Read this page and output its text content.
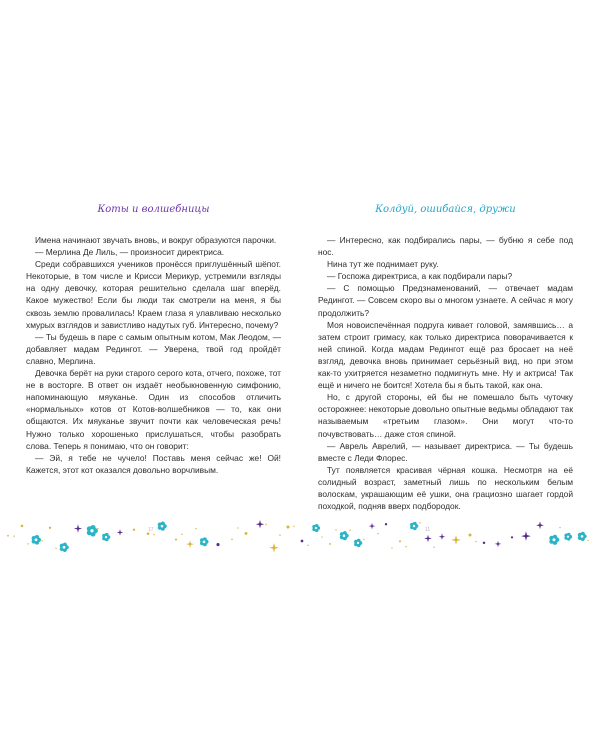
Коты и волшебницы

Имена начинают звучать вновь, и вокруг образуются парочки.

— Мерлина Де Лиль, — произносит директриса.

Среди собравшихся учеников пронёсся приглушённый шёпот. Некоторые, в том числе и Крисси Мерикур, устремили взгляды на одну девочку, которая решительно сделала шаг вперёд. Какое мужество! Если бы люди так смотрели на меня, я бы сквозь землю провалилась! Краем глаза я улавливаю несколько хмурых взглядов и завистливо надутых губ. Интересно, почему?

— Ты будешь в паре с самым опытным котом, Мак Леодом, — добавляет мадам Редингот. — Уверена, твой год пройдёт славно, Мерлина.

Девочка берёт на руки старого серого кота, отчего, похоже, тот не в восторге. В ответ он издаёт необыкновенную симфонию, напоминающую мяуканье. Один из способов отличить «нормальных» котов от Котов-волшебников — то, как они общаются. Их мяуканье звучит почти как человеческая речь! Нужно только хорошенько прислушаться, чтобы разобрать слова. Теперь я понимаю, что он говорит:

— Эй, я тебе не чучело! Поставь меня сейчас же! Ой! Кажется, этот кот оказался довольно ворчливым.

Колдуй, ошибайся, дружи

— Интересно, как подбирались пары, — бубню я себе под нос.

Нина тут же поднимает руку.

— Госпожа директриса, а как подбирали пары?

— С помощью Предзнаменований, — отвечает мадам Редингот. — Совсем скоро вы о многом узнаете. А сейчас я могу продолжить?

Моя новоиспечённая подруга кивает головой, замявшись… а затем строит гримасу, как только директриса поворачивается к ней спиной. Когда мадам Редингот ещё раз бросает на неё взгляд, девочка вновь принимает серьёзный вид, но при этом как-то ухитряется незаметно подмигнуть мне. Ну и актриса! Так ещё и ничего не боится! Хотела бы я быть такой, как она.

Но, с другой стороны, ей бы не помешало быть чуточку осторожнее: некоторые довольно опытные ведьмы обладают так называемым «третьим глазом». Они могут что-то почувствовать… даже стоя спиной.

— Аврель Аврелий, — называет директриса. — Ты будешь вместе с Леди Флорес.

Тут появляется красивая чёрная кошка. Несмотря на её солидный возраст, заметный лишь по нескольким белым волоскам, украшающим её ушки, она грациозно шагает гордой походкой, подняв вверх подбородок.

17	11
